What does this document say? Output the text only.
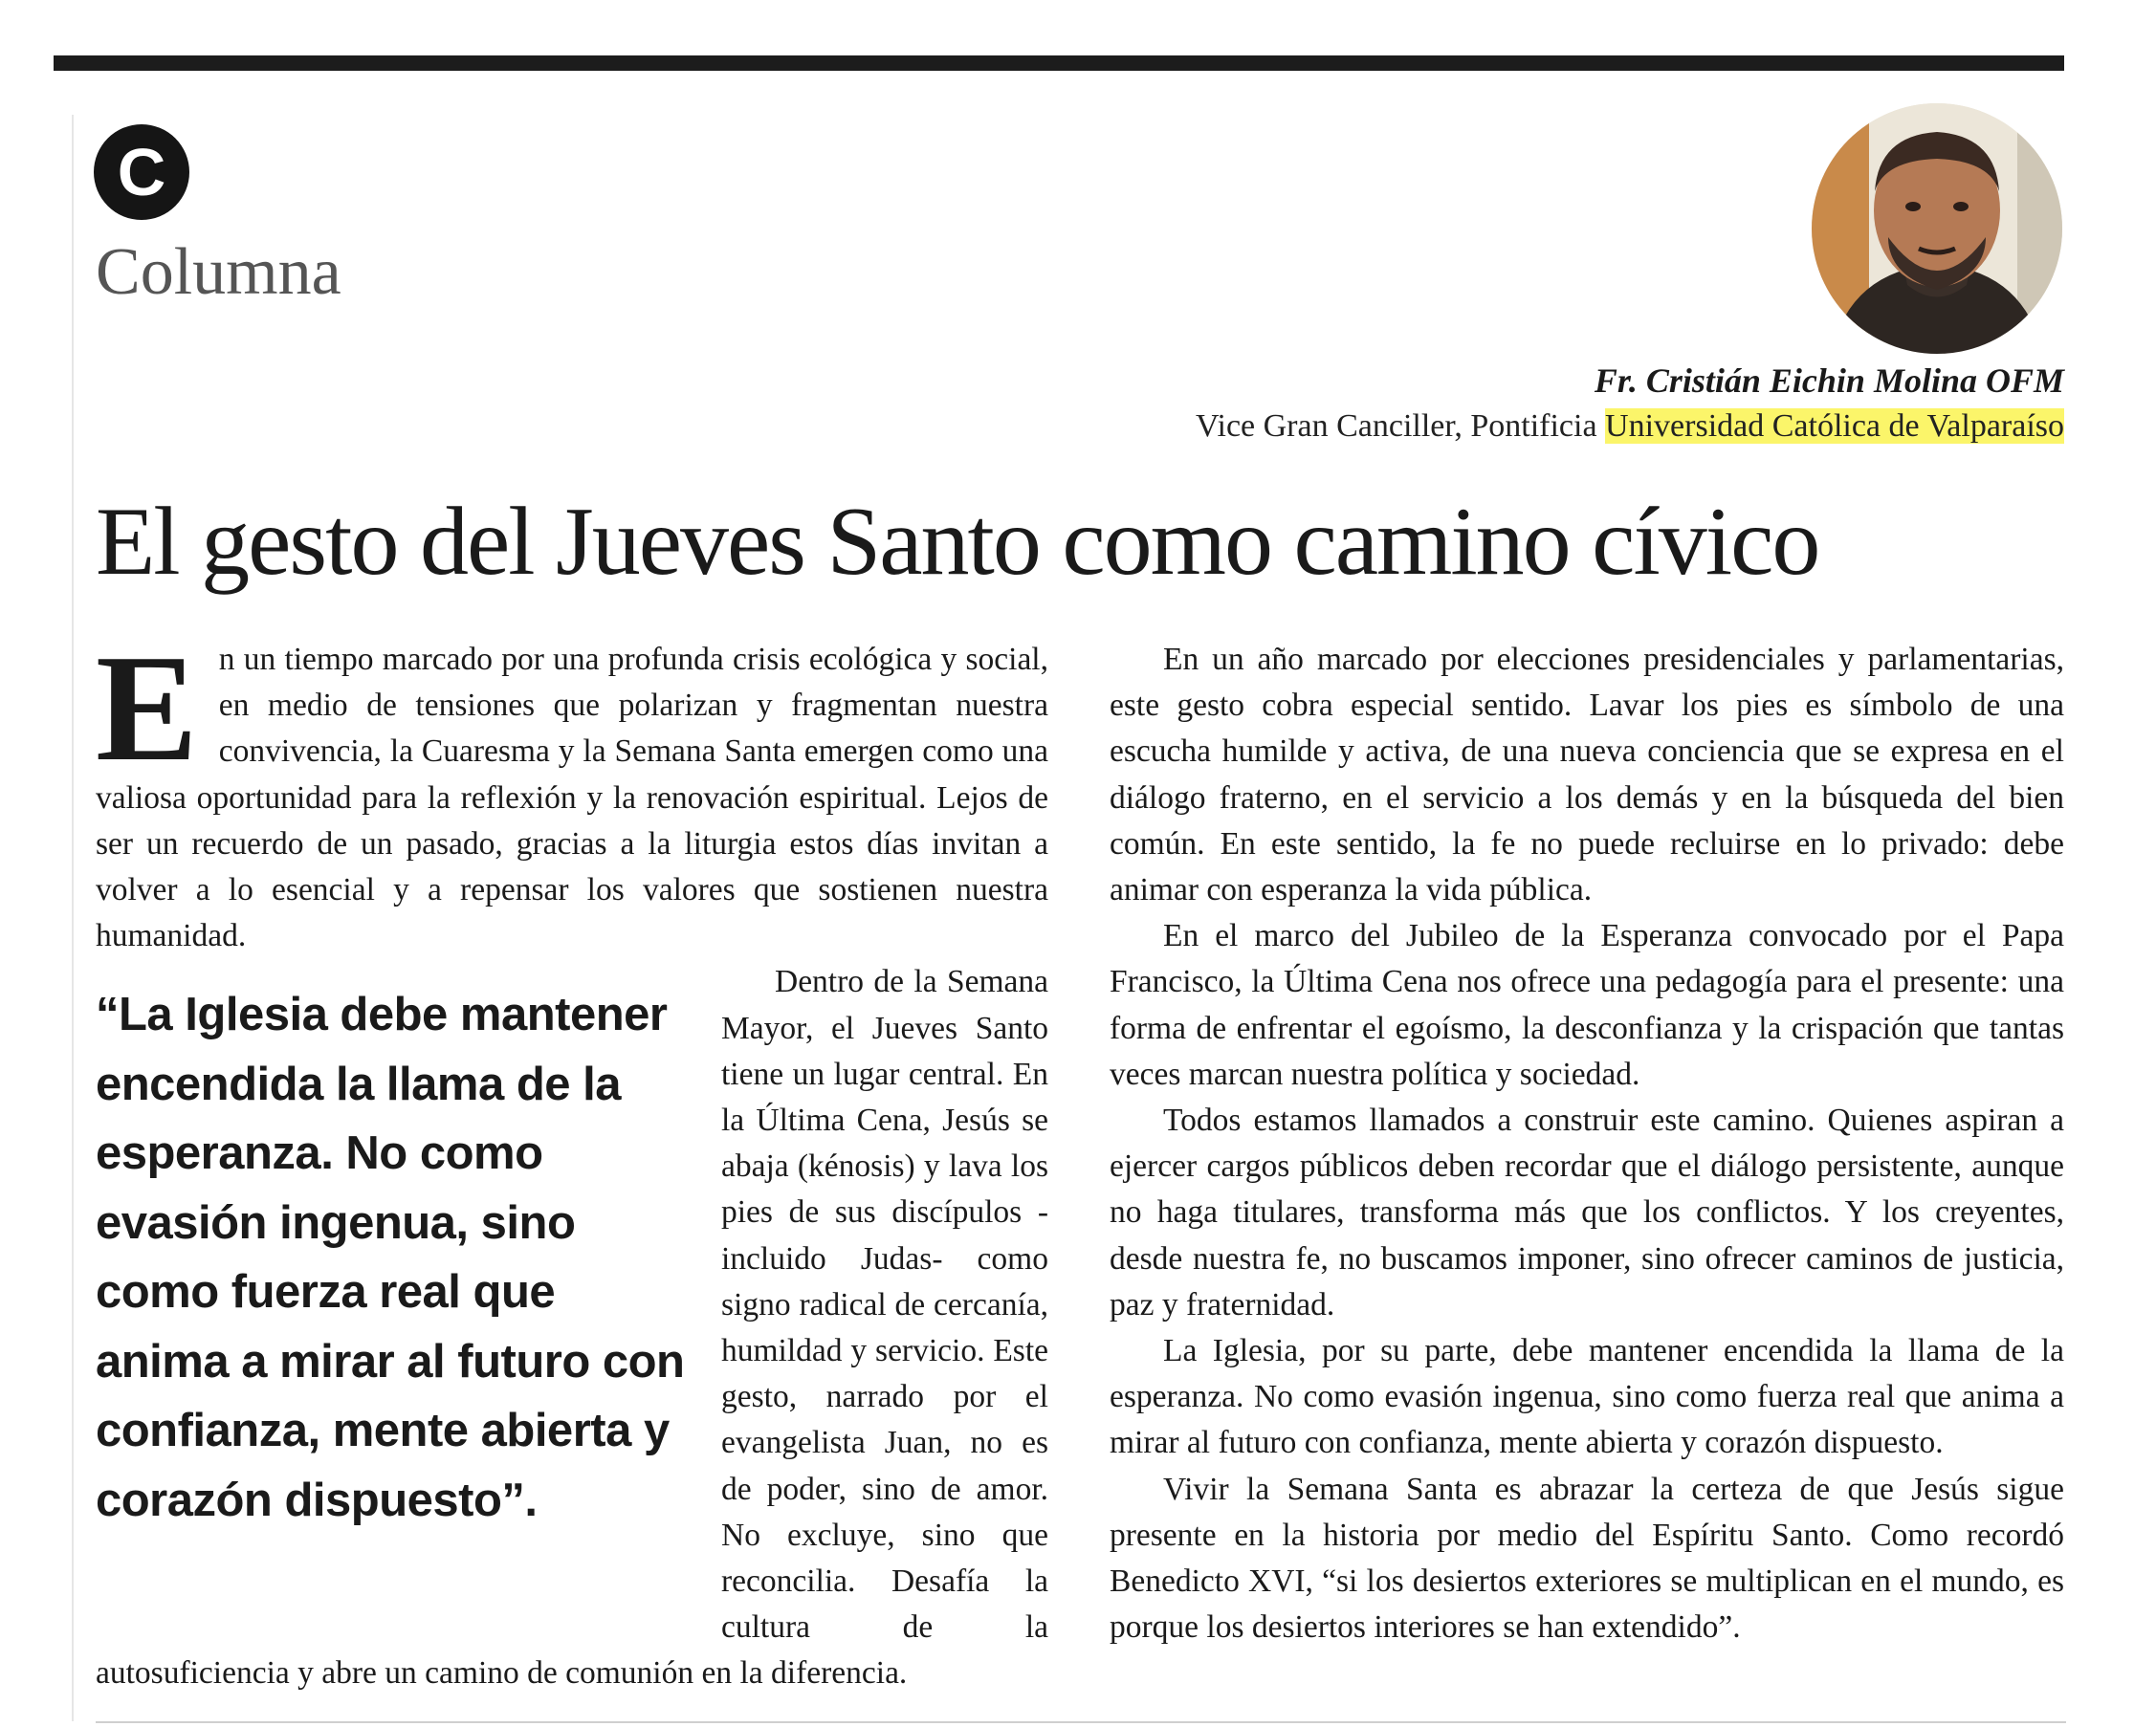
C
Columna
Fr. Cristián Eichin Molina OFM
Vice Gran Canciller, Pontificia Universidad Católica de Valparaíso
El gesto del Jueves Santo como camino cívico
E n un tiempo marcado por una profunda crisis ecológica y social, en medio de tensiones que polarizan y fragmentan nuestra convivencia, la Cuaresma y la Semana Santa emergen como una valiosa oportunidad para la reflexión y la renovación espiritual. Lejos de ser un recuerdo de un pasado, gracias a la liturgia estos días invitan a volver a lo esencial y a repensar los valores que sostienen nuestra humanidad.

“La Iglesia debe mantener encendida la llama de la esperanza. No como evasión ingenua, sino como fuerza real que anima a mirar al futuro con confianza, mente abierta y corazón dispuesto”.

Dentro de la Semana Mayor, el Jueves Santo tiene un lugar central. En la Última Cena, Jesús se abaja (kénosis) y lava los pies de sus discípulos -incluido Judas- como signo radical de cercanía, humildad y servicio. Este gesto, narrado por el evangelista Juan, no es de poder, sino de amor. No excluye, sino que reconcilia. Desafía la cultura de la autosuficiencia y abre un camino de comunión en la diferencia.

En un año marcado por elecciones presidenciales y parlamentarias, este gesto cobra especial sentido. Lavar los pies es símbolo de una escucha humilde y activa, de una nueva conciencia que se expresa en el diálogo fraterno, en el servicio a los demás y en la búsqueda del bien común. En este sentido, la fe no puede recluirse en lo privado: debe animar con esperanza la vida pública.

En el marco del Jubileo de la Esperanza convocado por el Papa Francisco, la Última Cena nos ofrece una pedagogía para el presente: una forma de enfrentar el egoísmo, la desconfianza y la crispación que tantas veces marcan nuestra política y sociedad.

Todos estamos llamados a construir este camino. Quienes aspiran a ejercer cargos públicos deben recordar que el diálogo persistente, aunque no haga titulares, transforma más que los conflictos. Y los creyentes, desde nuestra fe, no buscamos imponer, sino ofrecer caminos de justicia, paz y fraternidad.

La Iglesia, por su parte, debe mantener encendida la llama de la esperanza. No como evasión ingenua, sino como fuerza real que anima a mirar al futuro con confianza, mente abierta y corazón dispuesto.

Vivir la Semana Santa es abrazar la certeza de que Jesús sigue presente en la historia por medio del Espíritu Santo. Como recordó Benedicto XVI, “si los desiertos exteriores se multiplican en el mundo, es porque los desiertos interiores se han extendido”.
